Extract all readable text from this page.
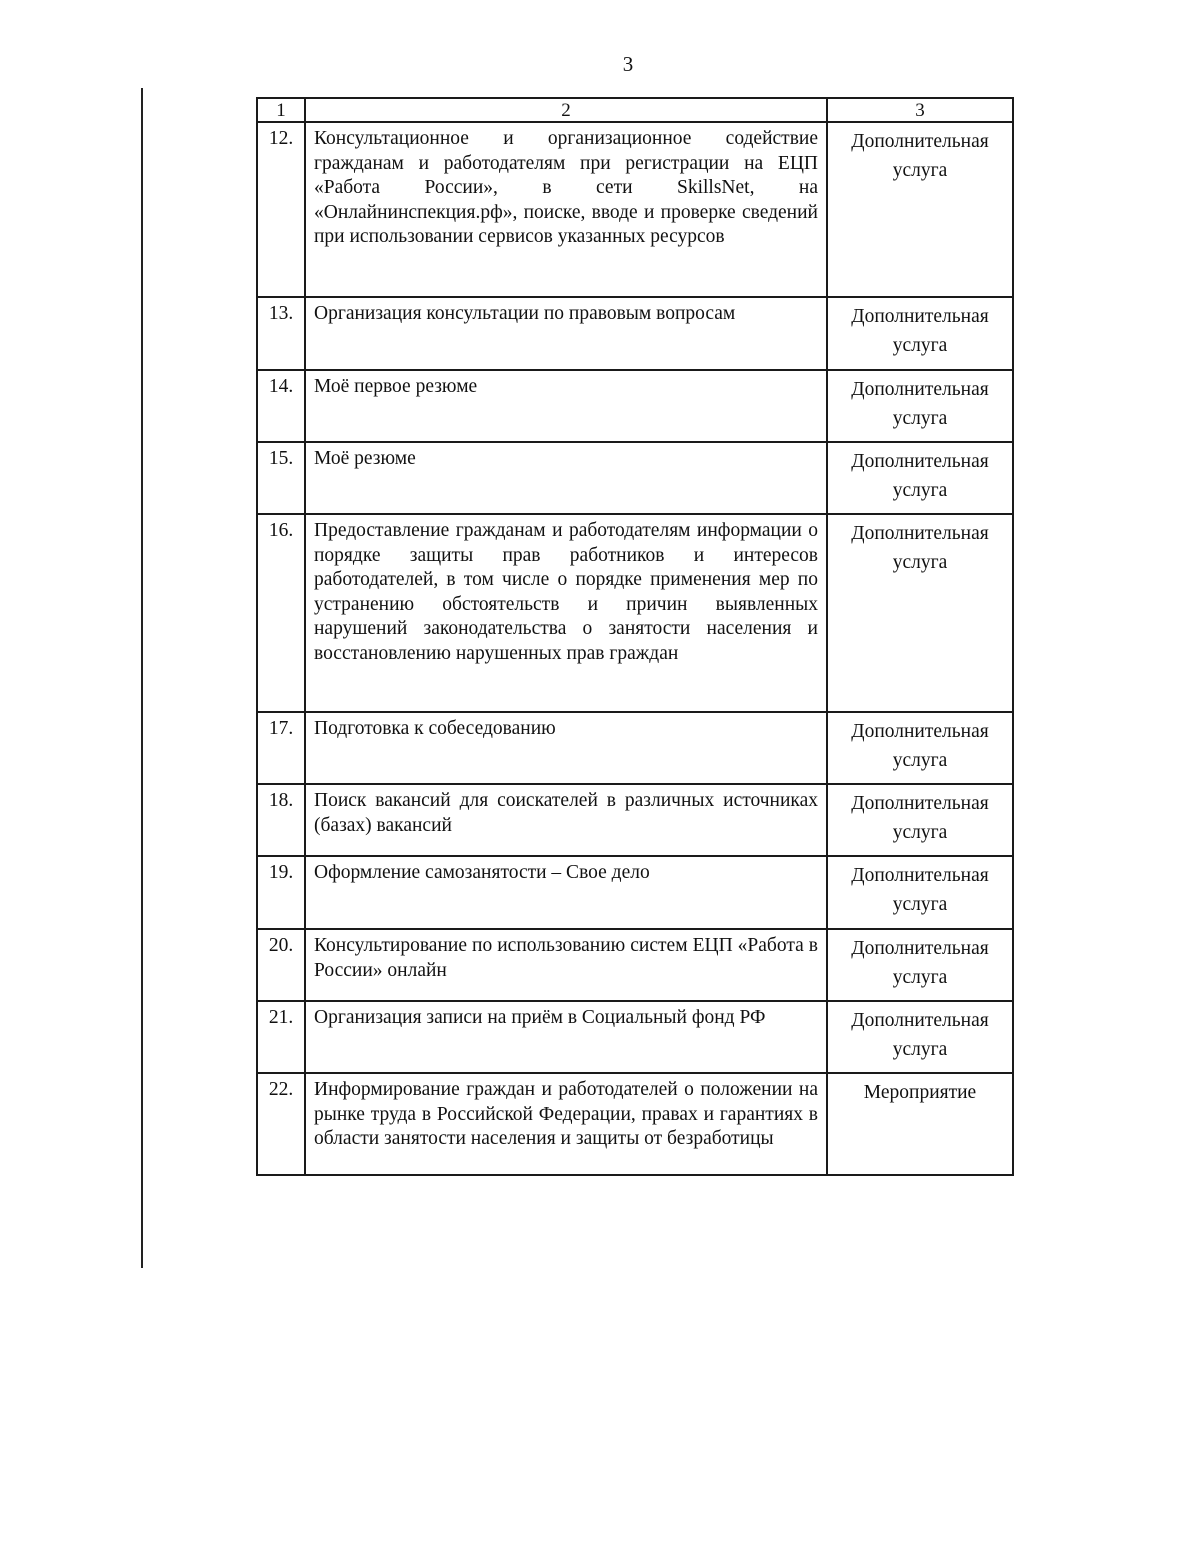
3
1	2	3
12.	Консультационное и организационное содействие гражданам и работодателям при регистрации на ЕЦП «Работа России», в сети SkillsNet, на «Онлайнинспекция.рф», поиске, вводе и проверке сведений при использовании сервисов указанных ресурсов	Дополнительная услуга
13.	Организация консультации по правовым вопросам	Дополнительная услуга
14.	Моё первое резюме	Дополнительная услуга
15.	Моё резюме	Дополнительная услуга
16.	Предоставление гражданам и работодателям информации о порядке защиты прав работников и интересов работодателей, в том числе о порядке применения мер по устранению обстоятельств и причин выявленных нарушений законодательства о занятости населения и восстановлению нарушенных прав граждан	Дополнительная услуга
17.	Подготовка к собеседованию	Дополнительная услуга
18.	Поиск вакансий для соискателей в различных источниках (базах) вакансий	Дополнительная услуга
19.	Оформление самозанятости – Свое дело	Дополнительная услуга
20.	Консультирование по использованию систем ЕЦП «Работа в России» онлайн	Дополнительная услуга
21.	Организация записи на приём в Социальный фонд РФ	Дополнительная услуга
22.	Информирование граждан и работодателей о положении на рынке труда в Российской Федерации, правах и гарантиях в области занятости населения и защиты от безработицы	Мероприятие
